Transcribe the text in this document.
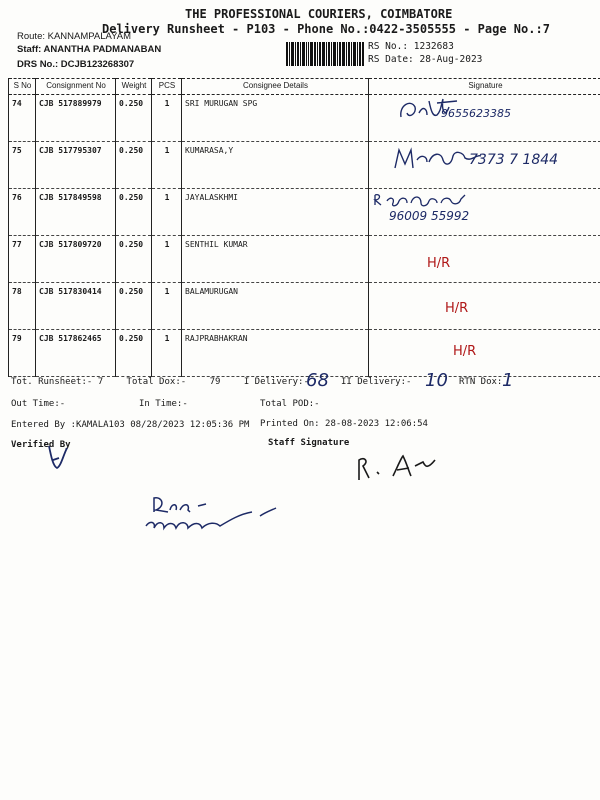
THE PROFESSIONAL COURIERS, COIMBATORE
Delivery Runsheet - P103 - Phone No.:0422-3505555 - Page No.:7
Route: KANNAMPALAYAM
Staff: ANANTHA PADMANABAN
DRS No.: DCJB123268307
RS No.: 1232683
RS Date: 28-Aug-2023
S No	Consignment No	Weight	PCS	Consignee Details	Signature
74	CJB 517889979	0.250	1	SRI MURUGAN SPG	9655623385

75	CJB 517795307	0.250	1	KUMARASA,Y	7373 7 1844

76	CJB 517849598	0.250	1	JAYALASKHMI	96009 55992

77	CJB 517809720	0.250	1	SENTHIL KUMAR	H/R

78	CJB 517830414	0.250	1	BALAMURUGAN	H/R

79	CJB 517862465	0.250	1	RAJPRABHAKRAN	H/R
Tot. Runsheet:- 7	Total Dox:-	79	I Delivery:-
68 II Delivery:- 10 RTN Dox: 1
Out Time:-	In Time:-	Total POD:-
Entered By :KAMALA103 08/28/2023 12:05:36 PM Printed On: 28-08-2023 12:06:54
Verified By	Staff Signature
